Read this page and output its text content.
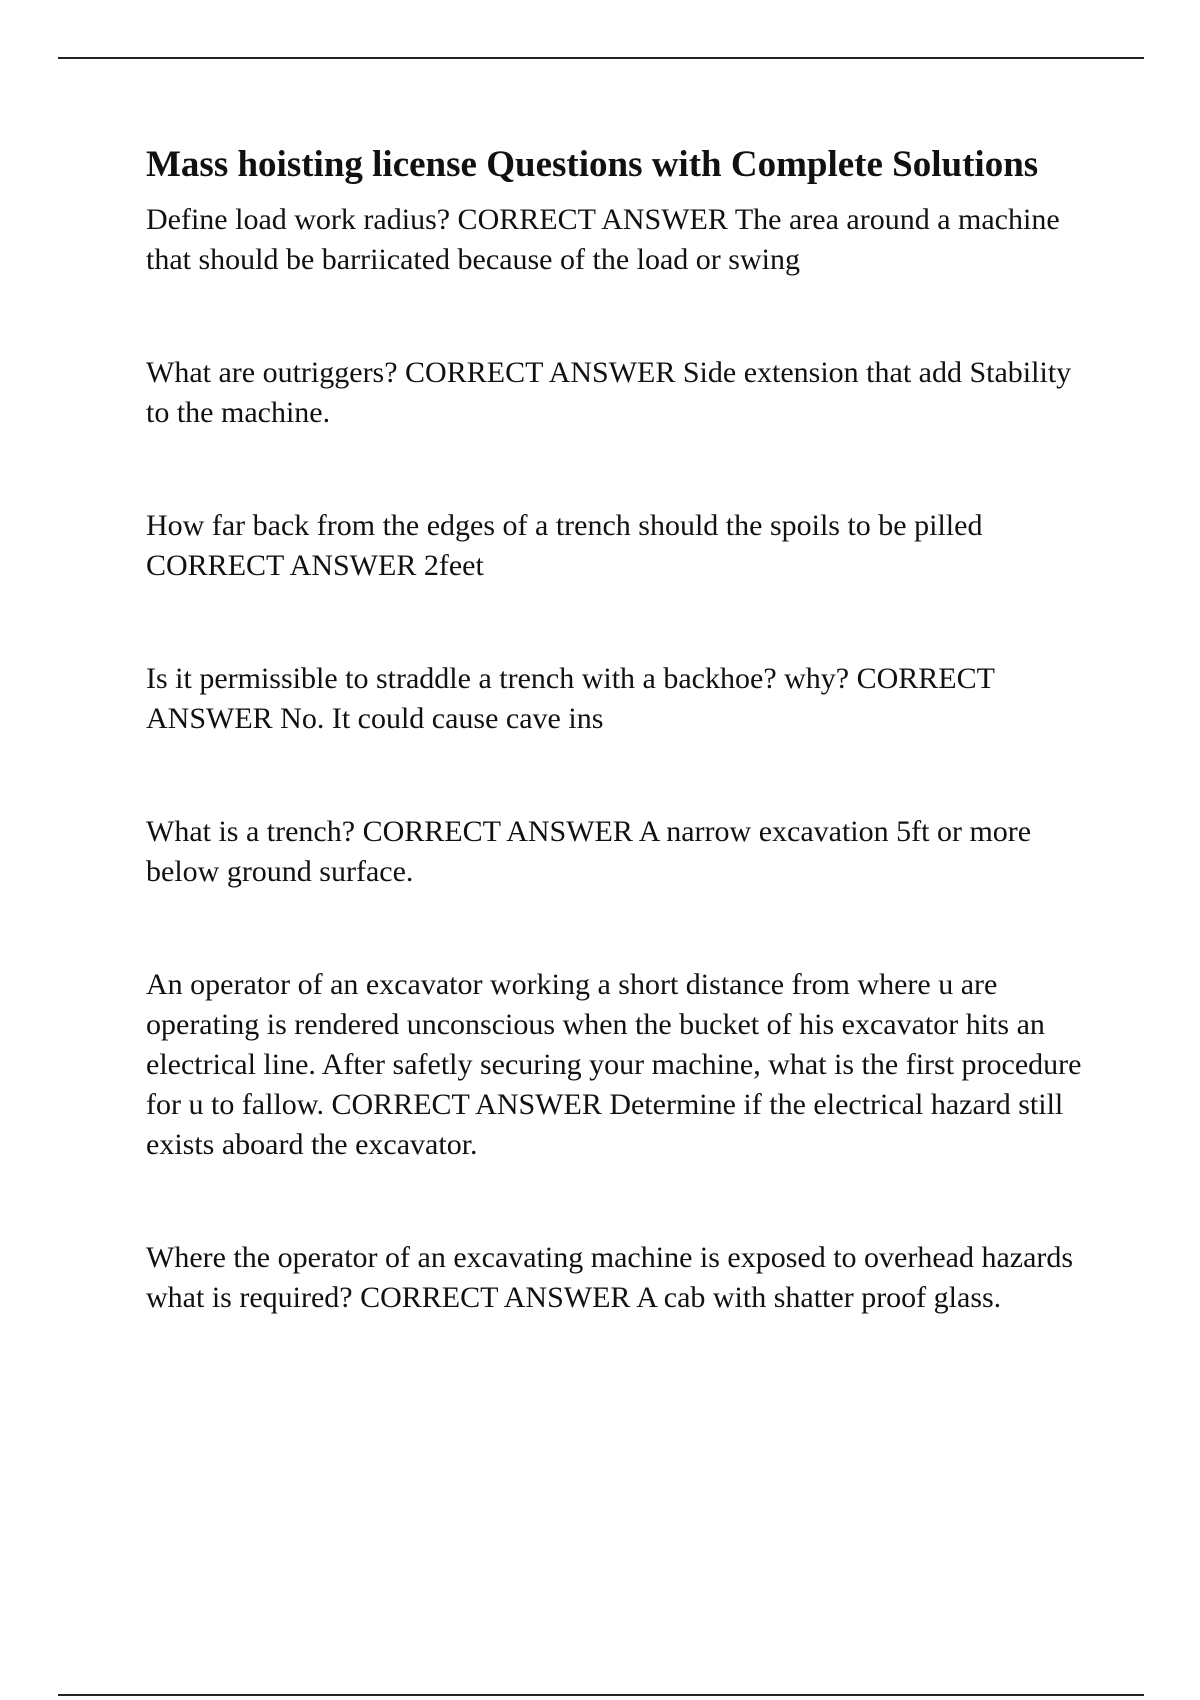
Mass hoisting license Questions with Complete Solutions
Define load work radius? CORRECT ANSWER The area around a machine that should be barriicated because of the load or swing
What are outriggers? CORRECT ANSWER Side extension that add Stability to the machine.
How far back from the edges of a trench should the spoils to be pilled CORRECT ANSWER 2feet
Is it permissible to straddle a trench with a backhoe? why? CORRECT ANSWER No. It could cause cave ins
What is a trench? CORRECT ANSWER A narrow excavation 5ft or more below ground surface.
An operator of an excavator working a short distance from where u are operating is rendered unconscious when the bucket of his excavator hits an electrical line. After safetly securing your machine, what is the first procedure for u to fallow. CORRECT ANSWER Determine if the electrical hazard still exists aboard the excavator.
Where the operator of an excavating machine is exposed to overhead hazards what is required? CORRECT ANSWER A cab with shatter proof glass.
